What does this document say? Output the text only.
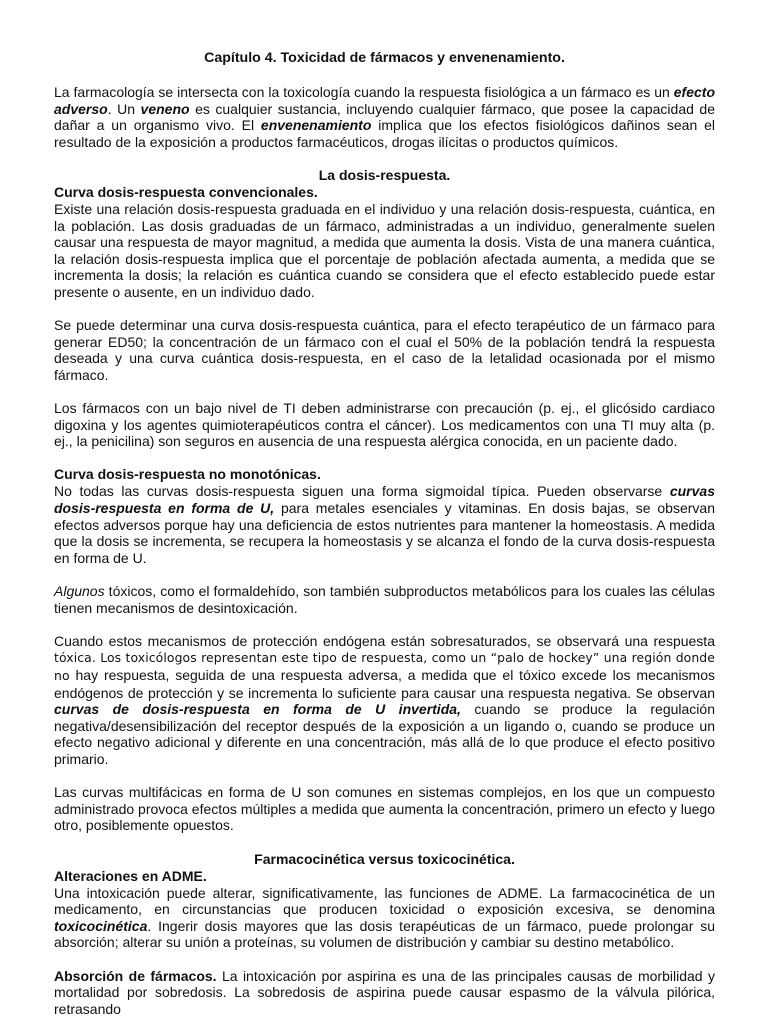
Capítulo 4. Toxicidad de fármacos y envenenamiento.

La farmacología se intersecta con la toxicología cuando la respuesta fisiológica a un fármaco es un efecto adverso. Un veneno es cualquier sustancia, incluyendo cualquier fármaco, que posee la capacidad de dañar a un organismo vivo. El envenenamiento implica que los efectos fisiológicos dañinos sean el resultado de la exposición a productos farmacéuticos, drogas ilícitas o productos químicos.

La dosis-respuesta.
Curva dosis-respuesta convencionales.

Existe una relación dosis-respuesta graduada en el individuo y una relación dosis-respuesta, cuántica, en la población. Las dosis graduadas de un fármaco, administradas a un individuo, generalmente suelen causar una respuesta de mayor magnitud, a medida que aumenta la dosis. Vista de una manera cuántica, la relación dosis-respuesta implica que el porcentaje de población afectada aumenta, a medida que se incrementa la dosis; la relación es cuántica cuando se considera que el efecto establecido puede estar presente o ausente, en un individuo dado.

Se puede determinar una curva dosis-respuesta cuántica, para el efecto terapéutico de un fármaco para generar ED50; la concentración de un fármaco con el cual el 50% de la población tendrá la respuesta deseada y una curva cuántica dosis-respuesta, en el caso de la letalidad ocasionada por el mismo fármaco.

Los fármacos con un bajo nivel de TI deben administrarse con precaución (p. ej., el glicósido cardiaco digoxina y los agentes quimioterapéuticos contra el cáncer). Los medicamentos con una TI muy alta (p. ej., la penicilina) son seguros en ausencia de una respuesta alérgica conocida, en un paciente dado.

Curva dosis-respuesta no monotónicas.

No todas las curvas dosis-respuesta siguen una forma sigmoidal típica. Pueden observarse curvas dosis-respuesta en forma de U, para metales esenciales y vitaminas. En dosis bajas, se observan efectos adversos porque hay una deficiencia de estos nutrientes para mantener la homeostasis. A medida que la dosis se incrementa, se recupera la homeostasis y se alcanza el fondo de la curva dosis-respuesta en forma de U.

Algunos tóxicos, como el formaldehído, son también subproductos metabólicos para los cuales las células tienen mecanismos de desintoxicación.

Cuando estos mecanismos de protección endógena están sobresaturados, se observará una respuesta tóxica. Los toxicólogos representan este tipo de respuesta, como un “palo de hockey” una región donde no hay respuesta, seguida de una respuesta adversa, a medida que el tóxico excede los mecanismos endógenos de protección y se incrementa lo suficiente para causar una respuesta negativa. Se observan curvas de dosis-respuesta en forma de U invertida, cuando se produce la regulación negativa/desensibilización del receptor después de la exposición a un ligando o, cuando se produce un efecto negativo adicional y diferente en una concentración, más allá de lo que produce el efecto positivo primario.

Las curvas multifácicas en forma de U son comunes en sistemas complejos, en los que un compuesto administrado provoca efectos múltiples a medida que aumenta la concentración, primero un efecto y luego otro, posiblemente opuestos.

Farmacocinética versus toxicocinética.
Alteraciones en ADME.

Una intoxicación puede alterar, significativamente, las funciones de ADME. La farmacocinética de un medicamento, en circunstancias que producen toxicidad o exposición excesiva, se denomina toxicocinética. Ingerir dosis mayores que las dosis terapéuticas de un fármaco, puede prolongar su absorción; alterar su unión a proteínas, su volumen de distribución y cambiar su destino metabólico.

Absorción de fármacos. La intoxicación por aspirina es una de las principales causas de morbilidad y mortalidad por sobredosis. La sobredosis de aspirina puede causar espasmo de la válvula pilórica, retrasando
